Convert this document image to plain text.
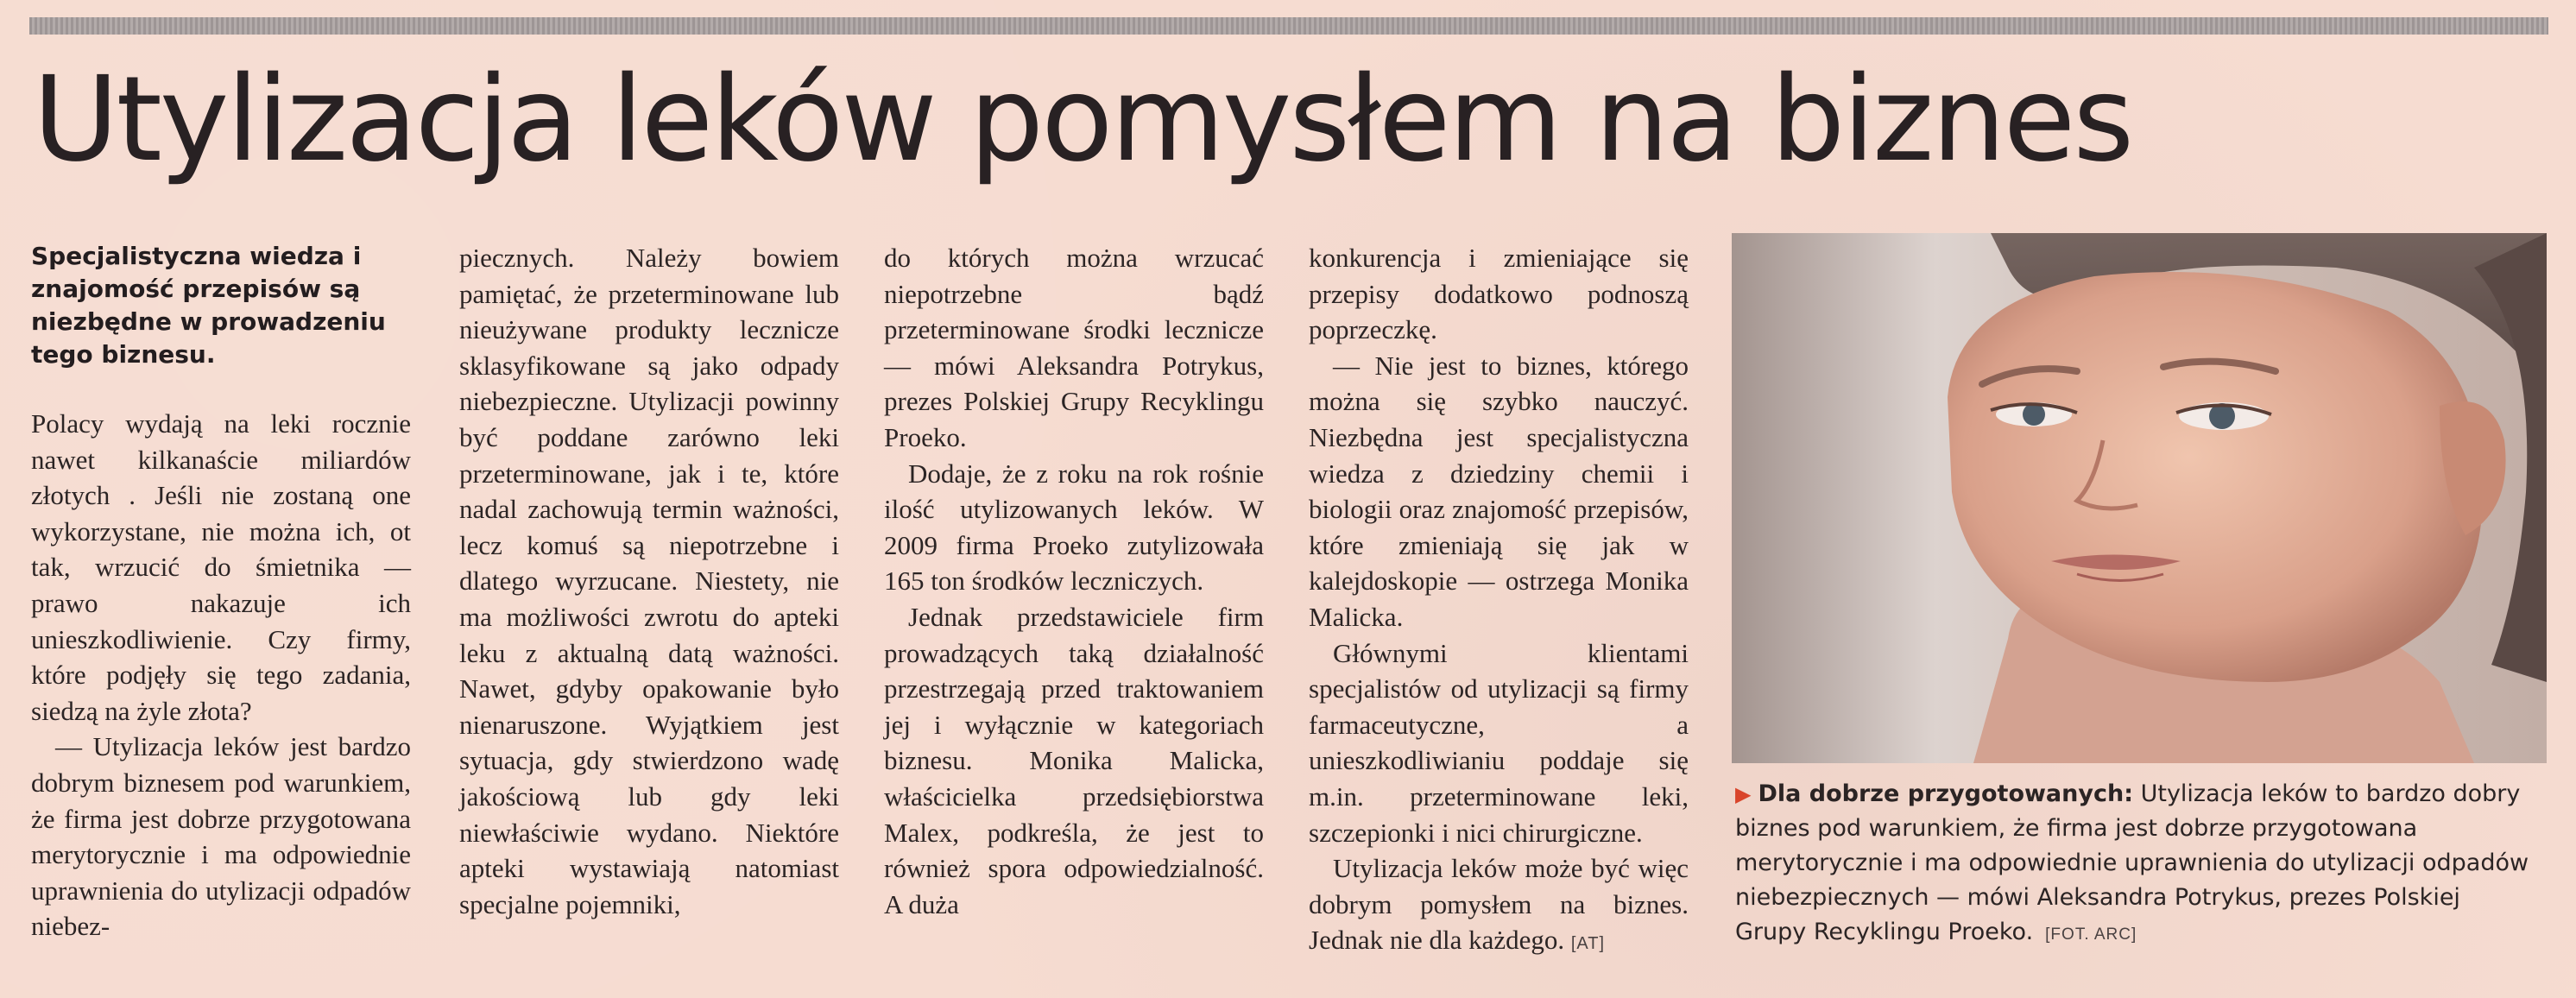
Utylizacja leków pomysłem na biznes

Specjalistyczna wiedza i znajomość przepisów są niezbędne w prowadzeniu tego biznesu.

Polacy wydają na leki rocznie nawet kilkanaście miliardów złotych . Jeśli nie zostaną one wykorzystane, nie można ich, ot tak, wrzucić do śmietnika — prawo nakazuje ich unieszkodliwienie. Czy firmy, które podjęły się tego zadania, siedzą na żyle złota?

— Utylizacja leków jest bardzo dobrym biznesem pod warunkiem, że firma jest dobrze przygotowana merytorycznie i ma odpowiednie uprawnienia do utylizacji odpadów niebez-

piecznych. Należy bowiem pamiętać, że przeterminowane lub nieużywane produkty lecznicze sklasyfikowane są jako odpady niebezpieczne. Utylizacji powinny być poddane zarówno leki przeterminowane, jak i te, które nadal zachowują termin ważności, lecz komuś są niepotrzebne i dlatego wyrzucane. Niestety, nie ma możliwości zwrotu do apteki leku z aktualną datą ważności. Nawet, gdyby opakowanie było nienaruszone. Wyjątkiem jest sytuacja, gdy stwierdzono wadę jakościową lub gdy leki niewłaściwie wydano. Niektóre apteki wystawiają natomiast specjalne pojemniki,

do których można wrzucać niepotrzebne bądź przeterminowane środki lecznicze — mówi Aleksandra Potrykus, prezes Polskiej Grupy Recyklingu Proeko.

Dodaje, że z roku na rok rośnie ilość utylizowanych leków. W 2009 firma Proeko zutylizowała 165 ton środków leczniczych.

Jednak przedstawiciele firm prowadzących taką działalność przestrzegają przed traktowaniem jej i wyłącznie w kategoriach biznesu. Monika Malicka, właścicielka przedsiębiorstwa Malex, podkreśla, że jest to również spora odpowiedzialność. A duża

konkurencja i zmieniające się przepisy dodatkowo podnoszą poprzeczkę.

— Nie jest to biznes, którego można się szybko nauczyć. Niezbędna jest specjalistyczna wiedza z dziedziny chemii i biologii oraz znajomość przepisów, które zmieniają się jak w kalejdoskopie — ostrzega Monika Malicka.

Głównymi klientami specjalistów od utylizacji są firmy farmaceutyczne, a unieszkodliwianiu poddaje się m.in. przeterminowane leki, szczepionki i nici chirurgiczne.

Utylizacja leków może być więc dobrym pomysłem na biznes. Jednak nie dla każdego. [AT]

▶ Dla dobrze przygotowanych: Utylizacja leków to bardzo dobry biznes pod warunkiem, że firma jest dobrze przygotowana merytorycznie i ma odpowiednie uprawnienia do utylizacji odpadów niebezpiecznych — mówi Aleksandra Potrykus, prezes Polskiej Grupy Recyklingu Proeko. [FOT. ARC]
